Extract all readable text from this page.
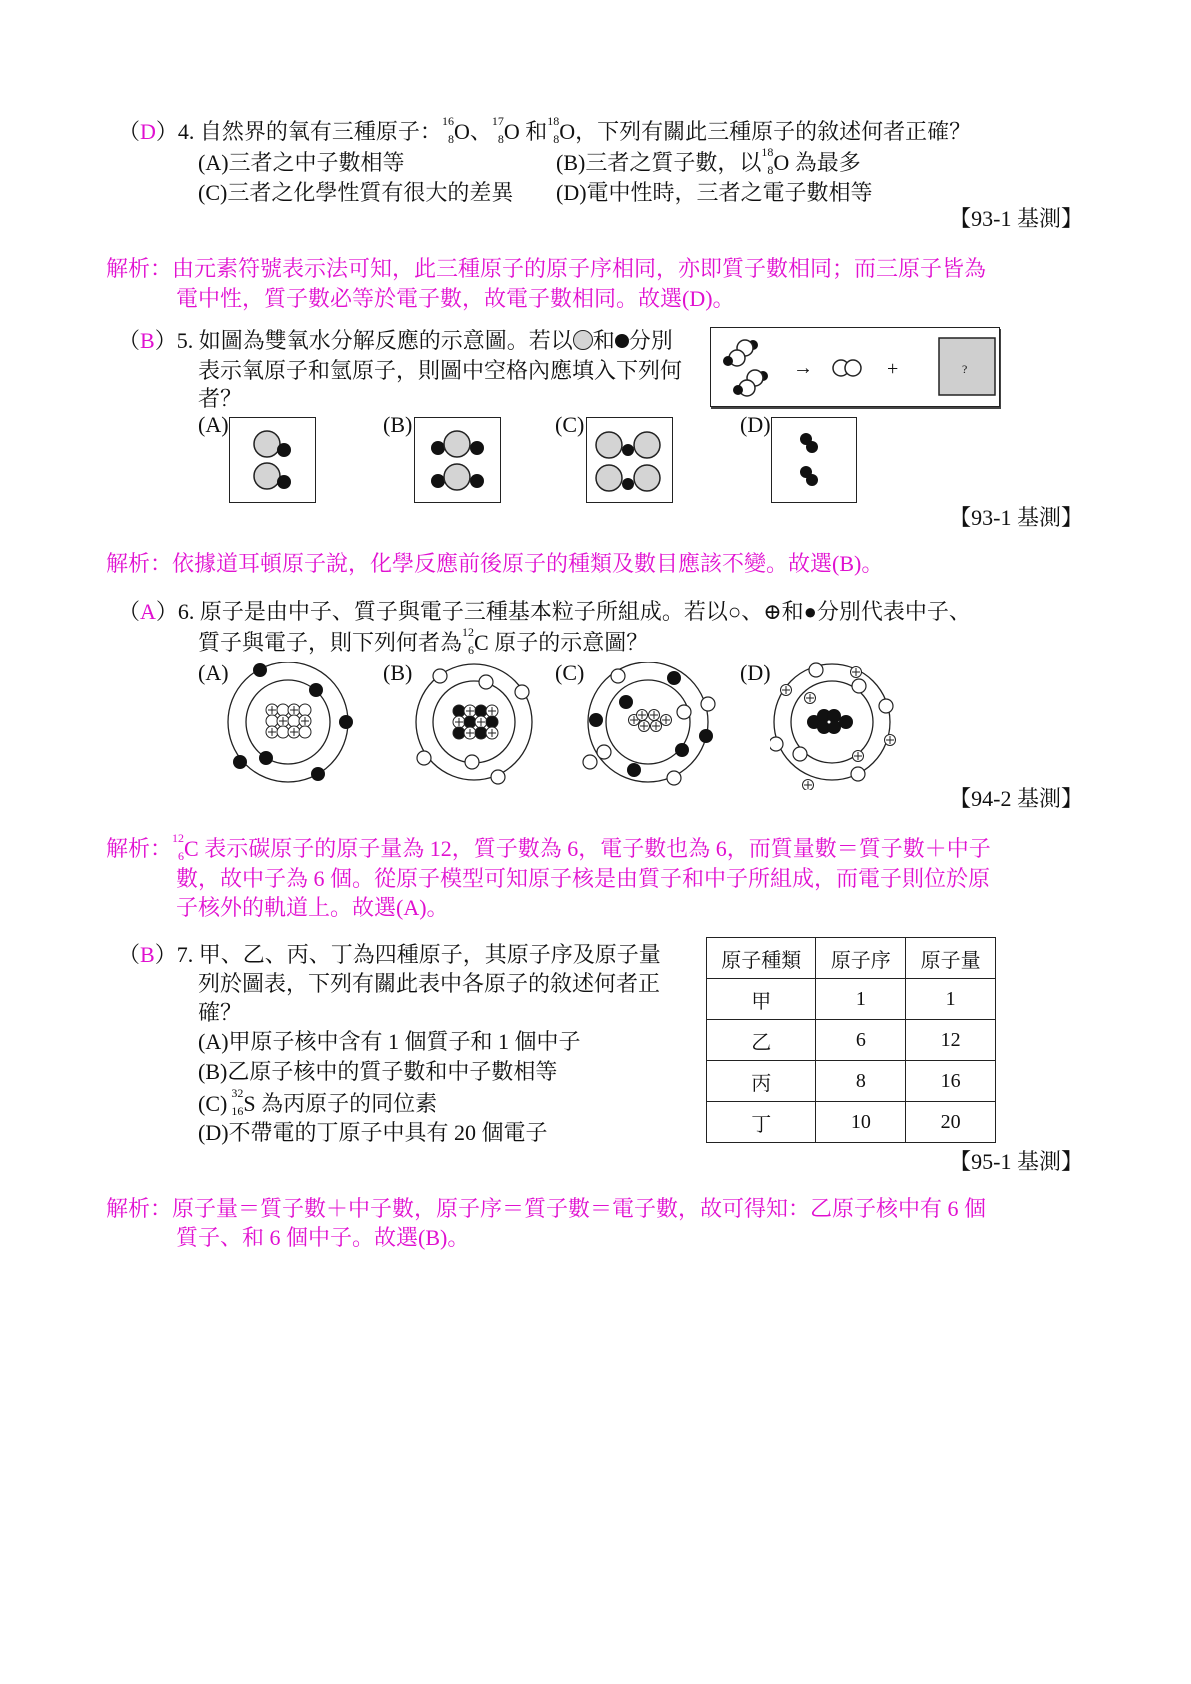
（D）4. 自然界的氧有三種原子： 16
8 O、 17
8 O 和 18
8 O，下列有關此三種原子的敘述何者正確？
(A)三者之中子數相等	(B)三者之質子數，以 18
8 O 為最多
(C)三者之化學性質有很大的差異 (D)電中性時，三者之電子數相等
【93-1 基測】
解析：由元素符號表示法可知，此三種原子的原子序相同，亦即質子數相同；而三原子皆為
電中性，質子數必等於電子數，故電子數相同。故選(D)。
（B）5. 如圖為雙氧水分解反應的示意圖。若以 和 分別
表示氧原子和氫原子，則圖中空格內應填入下列何
者？
→	+	?
(A)	(B)	(C)	(D)
【93-1 基測】
解析：依據道耳頓原子說，化學反應前後原子的種類及數目應該不變。故選(B)。
（A）6. 原子是由中子、質子與電子三種基本粒子所組成。若以○、⊕和●分別代表中子、
質子與電子，則下列何者為 12
6 C 原子的示意圖？
(A)	(B)	(C)	(D)
【94-2 基測】
解析： 12
6 C 表示碳原子的原子量為 12，質子數為 6，電子數也為 6，而質量數＝質子數＋中子
數，故中子為 6 個。從原子模型可知原子核是由質子和中子所組成，而電子則位於原
子核外的軌道上。故選(A)。
（B）7. 甲、乙、丙、丁為四種原子，其原子序及原子量
列於圖表，下列有關此表中各原子的敘述何者正
確？
(A)甲原子核中含有 1 個質子和 1 個中子
(B)乙原子核中的質子數和中子數相等
(C) 32
16 S 為丙原子的同位素
(D)不帶電的丁原子中具有 20 個電子
原子種類	原子序	原子量
甲	1	1
乙	6	12
丙	8	16
丁	10	20
【95-1 基測】
解析：原子量＝質子數＋中子數，原子序＝質子數＝電子數，故可得知：乙原子核中有 6 個
質子、和 6 個中子。故選(B)。
